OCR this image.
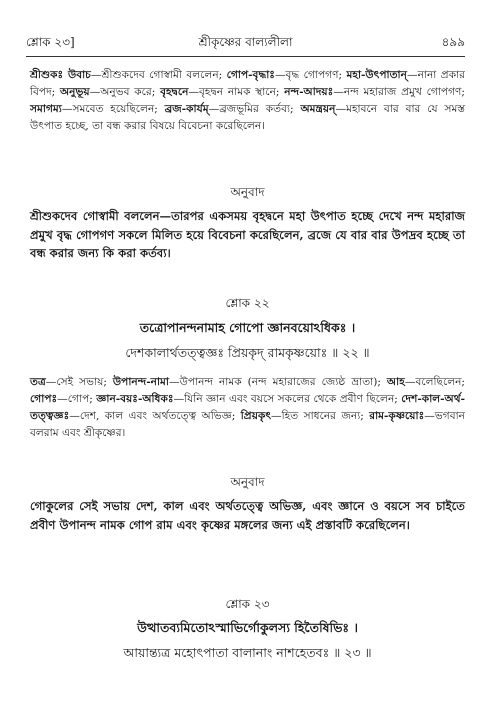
শ্লোক ২৩]	শ্রীকৃষ্ণের বাল্যলীলা	৪৯৯

শ্রীশুকঃ উবাচ—শ্রীশুকদেব গোস্বামী বললেন; গোপ-বৃদ্ধাঃ—বৃদ্ধ গোপগণ; মহা-উৎপাতান্—নানা প্রকার বিপদ; অনুভূয়—অনুভব করে; বৃহদ্বনে—বৃহদ্বন নামক স্থানে; নন্দ-আদয়ঃ—নন্দ মহারাজ প্রমুখ গোপগণ; সমাগম্য—সমবেত হয়েছিলেন; ব্রজ-কার্যম্—ব্রজভূমির কর্তব্য; অমন্ত্রয়ন্—মহাবনে বার বার যে সমস্ত উৎপাত হচ্ছে, তা বন্ধ করার বিষয়ে বিবেচনা করেছিলেন।

অনুবাদ

শ্রীশুকদেব গোস্বামী বললেন—তারপর একসময় বৃহদ্বনে মহা উৎপাত হচ্ছে দেখে নন্দ মহারাজ প্রমুখ বৃদ্ধ গোপগণ সকলে মিলিত হয়ে বিবেচনা করেছিলেন, ব্রজে যে বার বার উপদ্রব হচ্ছে তা বন্ধ করার জন্য কি করা কর্তব্য।

শ্লোক ২২
তত্রোপানন্দনামাহ গোপো জ্ঞানবয়োঽধিকঃ ।
দেশকালার্থতত্ত্বজ্ঞঃ প্রিয়কৃদ্ রামকৃষ্ণয়োঃ ॥ ২২ ॥

তত্র—সেই সভায়; উপানন্দ-নামা—উপানন্দ নামক (নন্দ মহারাজের জ্যেষ্ঠ ভ্রাতা); আহ—বলেছিলেন; গোপঃ—গোপ; জ্ঞান-বয়ঃ-অধিকঃ—যিনি জ্ঞান এবং বয়সে সকলের থেকে প্রবীণ ছিলেন; দেশ-কাল-অর্থ-তত্ত্বজ্ঞঃ—দেশ, কাল এবং অর্থতত্ত্বে অভিজ্ঞ; প্রিয়কৃৎ—হিত সাধনের জন্য; রাম-কৃষ্ণয়োঃ—ভগবান বলরাম এবং শ্রীকৃষ্ণের।

অনুবাদ

গোকুলের সেই সভায় দেশ, কাল এবং অর্থতত্ত্বে অভিজ্ঞ, এবং জ্ঞানে ও বয়সে সব চাইতে প্রবীণ উপানন্দ নামক গোপ রাম এবং কৃষ্ণের মঙ্গলের জন্য এই প্রস্তাবটি করেছিলেন।

শ্লোক ২৩
উত্থাতব্যমিতোঽস্মাভির্গোকুলস্য হিতৈষিভিঃ ।
আয়ান্ত্যত্র মহোৎপাতা বালানাং নাশহেতবঃ ॥ ২৩ ॥
